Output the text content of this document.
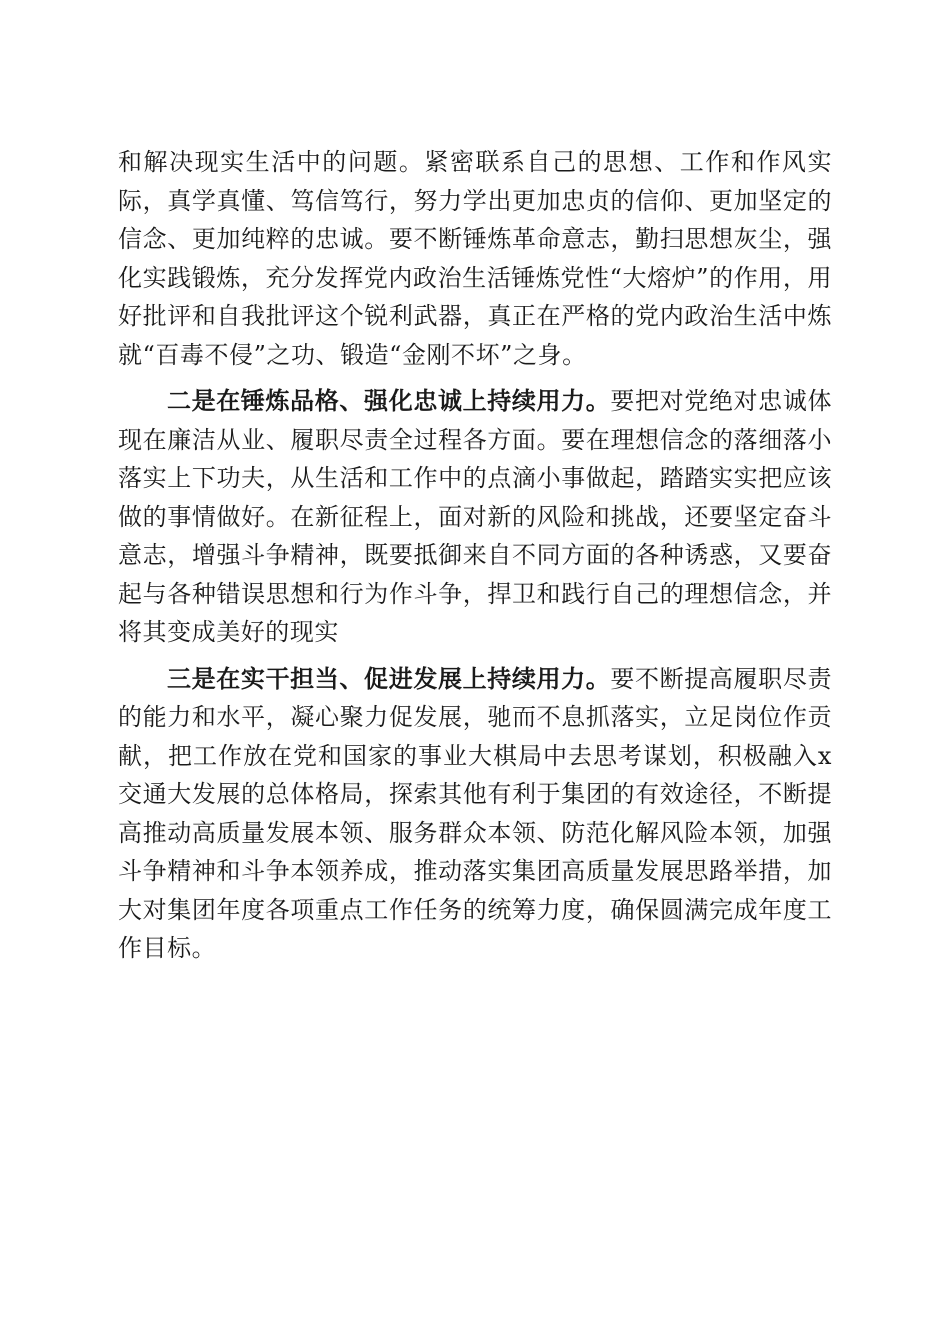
和解决现实生活中的问题。紧密联系自己的思想、工作和作风实际，真学真懂、笃信笃行，努力学出更加忠贞的信仰、更加坚定的信念、更加纯粹的忠诚。要不断锤炼革命意志，勤扫思想灰尘，强化实践锻炼，充分发挥党内政治生活锤炼党性“大熔炉”的作用，用好批评和自我批评这个锐利武器，真正在严格的党内政治生活中炼就“百毒不侵”之功、锻造“金刚不坏”之身。

二是在锤炼品格、强化忠诚上持续用力。要把对党绝对忠诚体现在廉洁从业、履职尽责全过程各方面。要在理想信念的落细落小落实上下功夫，从生活和工作中的点滴小事做起，踏踏实实把应该做的事情做好。在新征程上，面对新的风险和挑战，还要坚定奋斗意志，增强斗争精神，既要抵御来自不同方面的各种诱惑，又要奋起与各种错误思想和行为作斗争，捍卫和践行自己的理想信念，并将其变成美好的现实

三是在实干担当、促进发展上持续用力。要不断提高履职尽责的能力和水平，凝心聚力促发展，驰而不息抓落实，立足岗位作贡献，把工作放在党和国家的事业大棋局中去思考谋划，积极融入x交通大发展的总体格局，探索其他有利于集团的有效途径，不断提高推动高质量发展本领、服务群众本领、防范化解风险本领，加强斗争精神和斗争本领养成，推动落实集团高质量发展思路举措，加大对集团年度各项重点工作任务的统筹力度，确保圆满完成年度工作目标。
